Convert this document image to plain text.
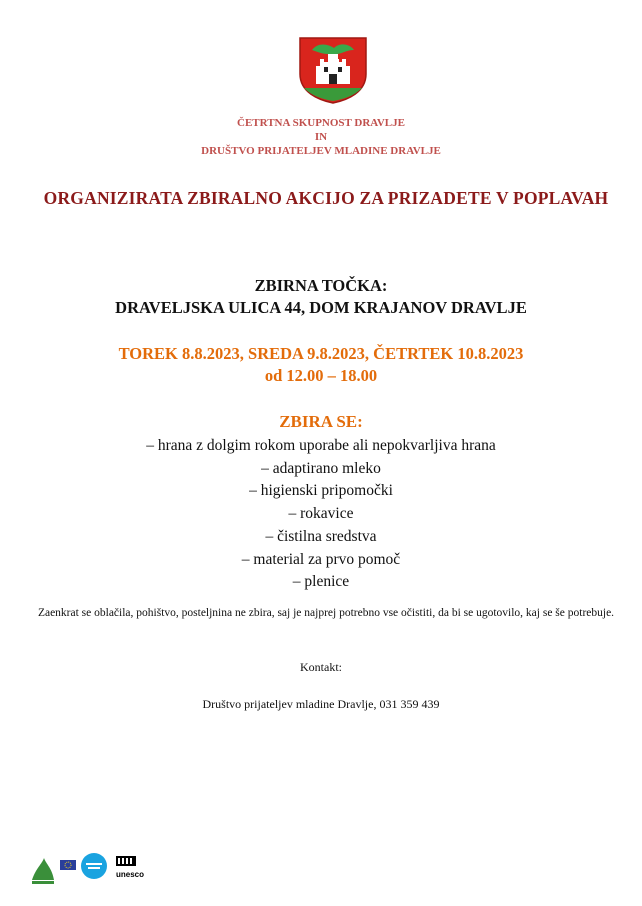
ČETRTNA SKUPNOST DRAVLJE
IN
DRUŠTVO PRIJATELJEV MLADINE DRAVLJE
ORGANIZIRATA ZBIRALNO AKCIJO ZA PRIZADETE V POPLAVAH
ZBIRNA TOČKA:
DRAVELJSKA ULICA 44, DOM KRAJANOV DRAVLJE
TOREK 8.8.2023, SREDA 9.8.2023, ČETRTEK 10.8.2023
od 12.00 – 18.00
ZBIRA SE:
– hrana z dolgim rokom uporabe ali nepokvarljiva hrana
– adaptirano mleko
– higienski pripomočki
– rokavice
– čistilna sredstva
– material za prvo pomoč
– plenice
Zaenkrat se oblačila, pohištvo, posteljnina ne zbira, saj je najprej potrebno vse očistiti, da bi se ugotovilo, kaj se še potrebuje.
Kontakt:
Društvo prijateljev mladine Dravlje, 031 359 439
unesco
